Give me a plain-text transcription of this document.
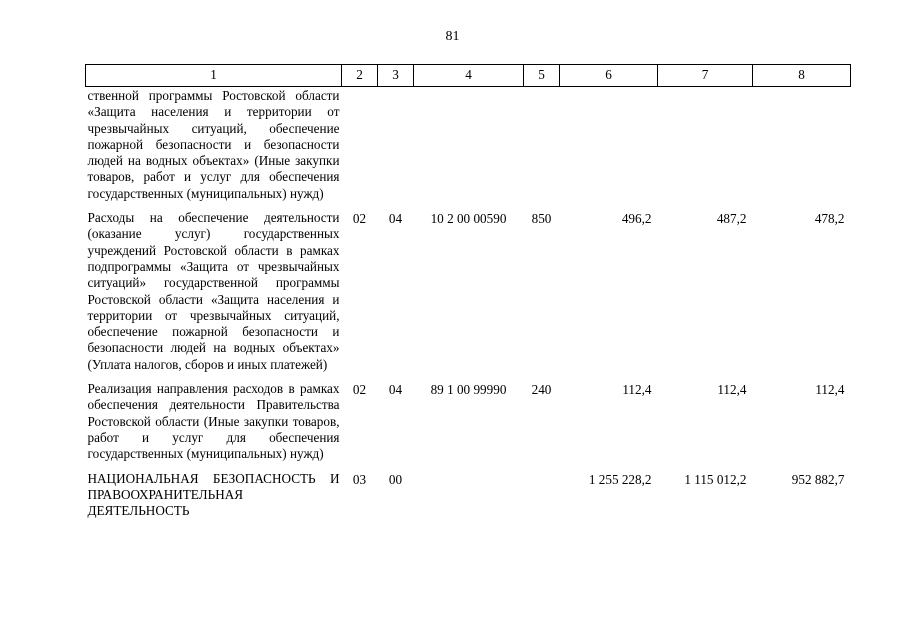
81
1	2	3	4	5	6	7	8
ственной программы Ростовской области «Защита населения и территории от чрезвычайных ситуаций, обеспечение пожарной безопасности и безопасности людей на водных объектах» (Иные закупки товаров, работ и услуг для обеспечения государственных (муниципальных) нужд)							
Расходы на обеспечение деятельности (оказание услуг) государственных учреждений Ростовской области в рамках подпрограммы «Защита от чрезвычайных ситуаций» государственной программы Ростовской области «Защита населения и территории от чрезвычайных ситуаций, обеспечение пожарной безопасности и безопасности людей на водных объектах» (Уплата налогов, сборов и иных платежей)	02	04	10 2 00 00590	850	496,2	487,2	478,2
Реализация направления расходов в рамках обеспечения деятельности Правительства Ростовской области (Иные закупки товаров, работ и услуг для обеспечения государственных (муниципальных) нужд)	02	04	89 1 00 99990	240	112,4	112,4	112,4
НАЦИОНАЛЬНАЯ БЕЗОПАСНОСТЬ И ПРАВООХРАНИТЕЛЬНАЯ ДЕЯТЕЛЬНОСТЬ	03	00			1 255 228,2	1 115 012,2	952 882,7
